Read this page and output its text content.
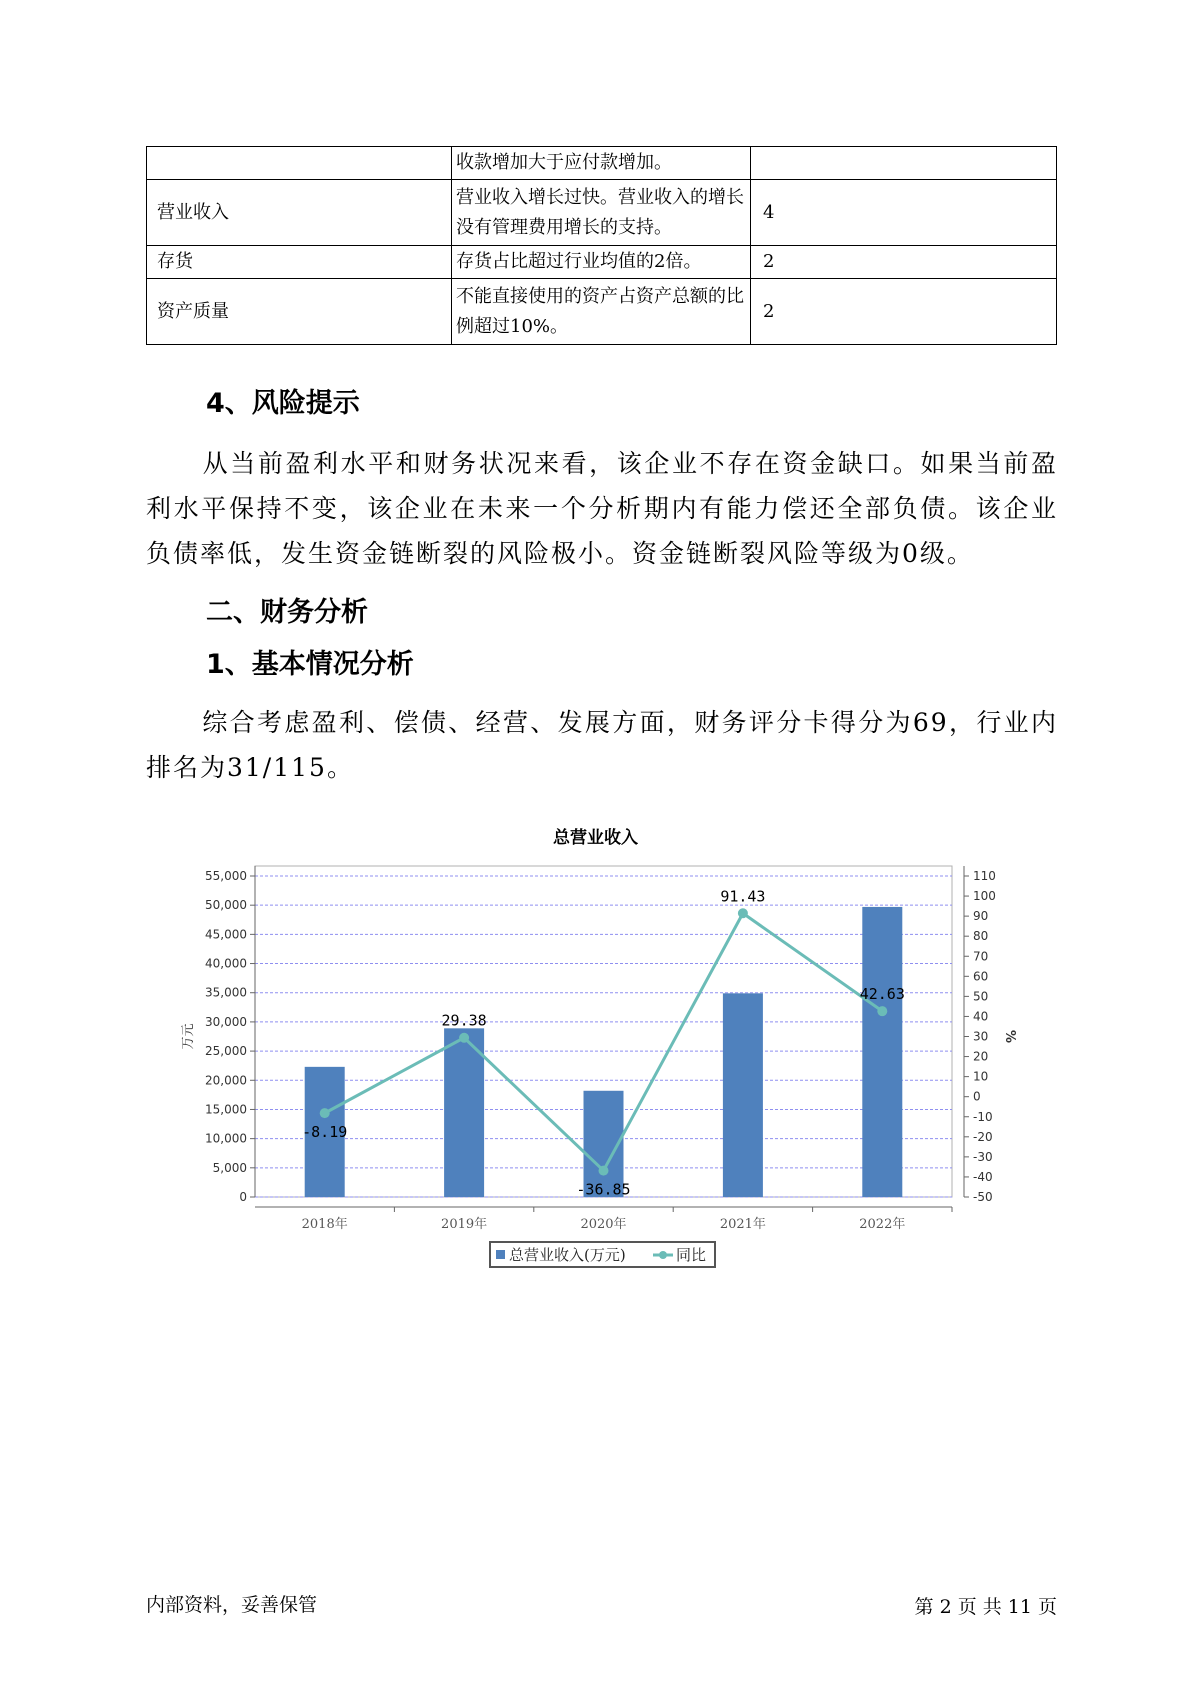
	收款增加大于应付款增加。	
营业收入	营业收入增长过快。营业收入的增长没有管理费用增长的支持。	4
存货	存货占比超过行业均值的2倍。	2
资产质量	不能直接使用的资产占资产总额的比例超过10%。	2
4、风险提示
从当前盈利水平和财务状况来看，该企业不存在资金缺口。如果当前盈利水平保持不变，该企业在未来一个分析期内有能力偿还全部负债。该企业负债率低，发生资金链断裂的风险极小。资金链断裂风险等级为0级。
二、财务分析
1、基本情况分析
综合考虑盈利、偿债、经营、发展方面，财务评分卡得分为69，行业内排名为31/115。
总营业收入
0
5,000
10,000
15,000
20,000
25,000
30,000
35,000
40,000
45,000
50,000
55,000
万元
-50
-40
-30
-20
-10
0
10
20
30
40
50
60
70
80
90
100
110
%
2018年	2019年	2020年	2021年	2022年
-8.19
29.38
-36.85
91.43
42.63
总营业收入(万元)	同比
内部资料，妥善保管	第 2 页 共 11 页
